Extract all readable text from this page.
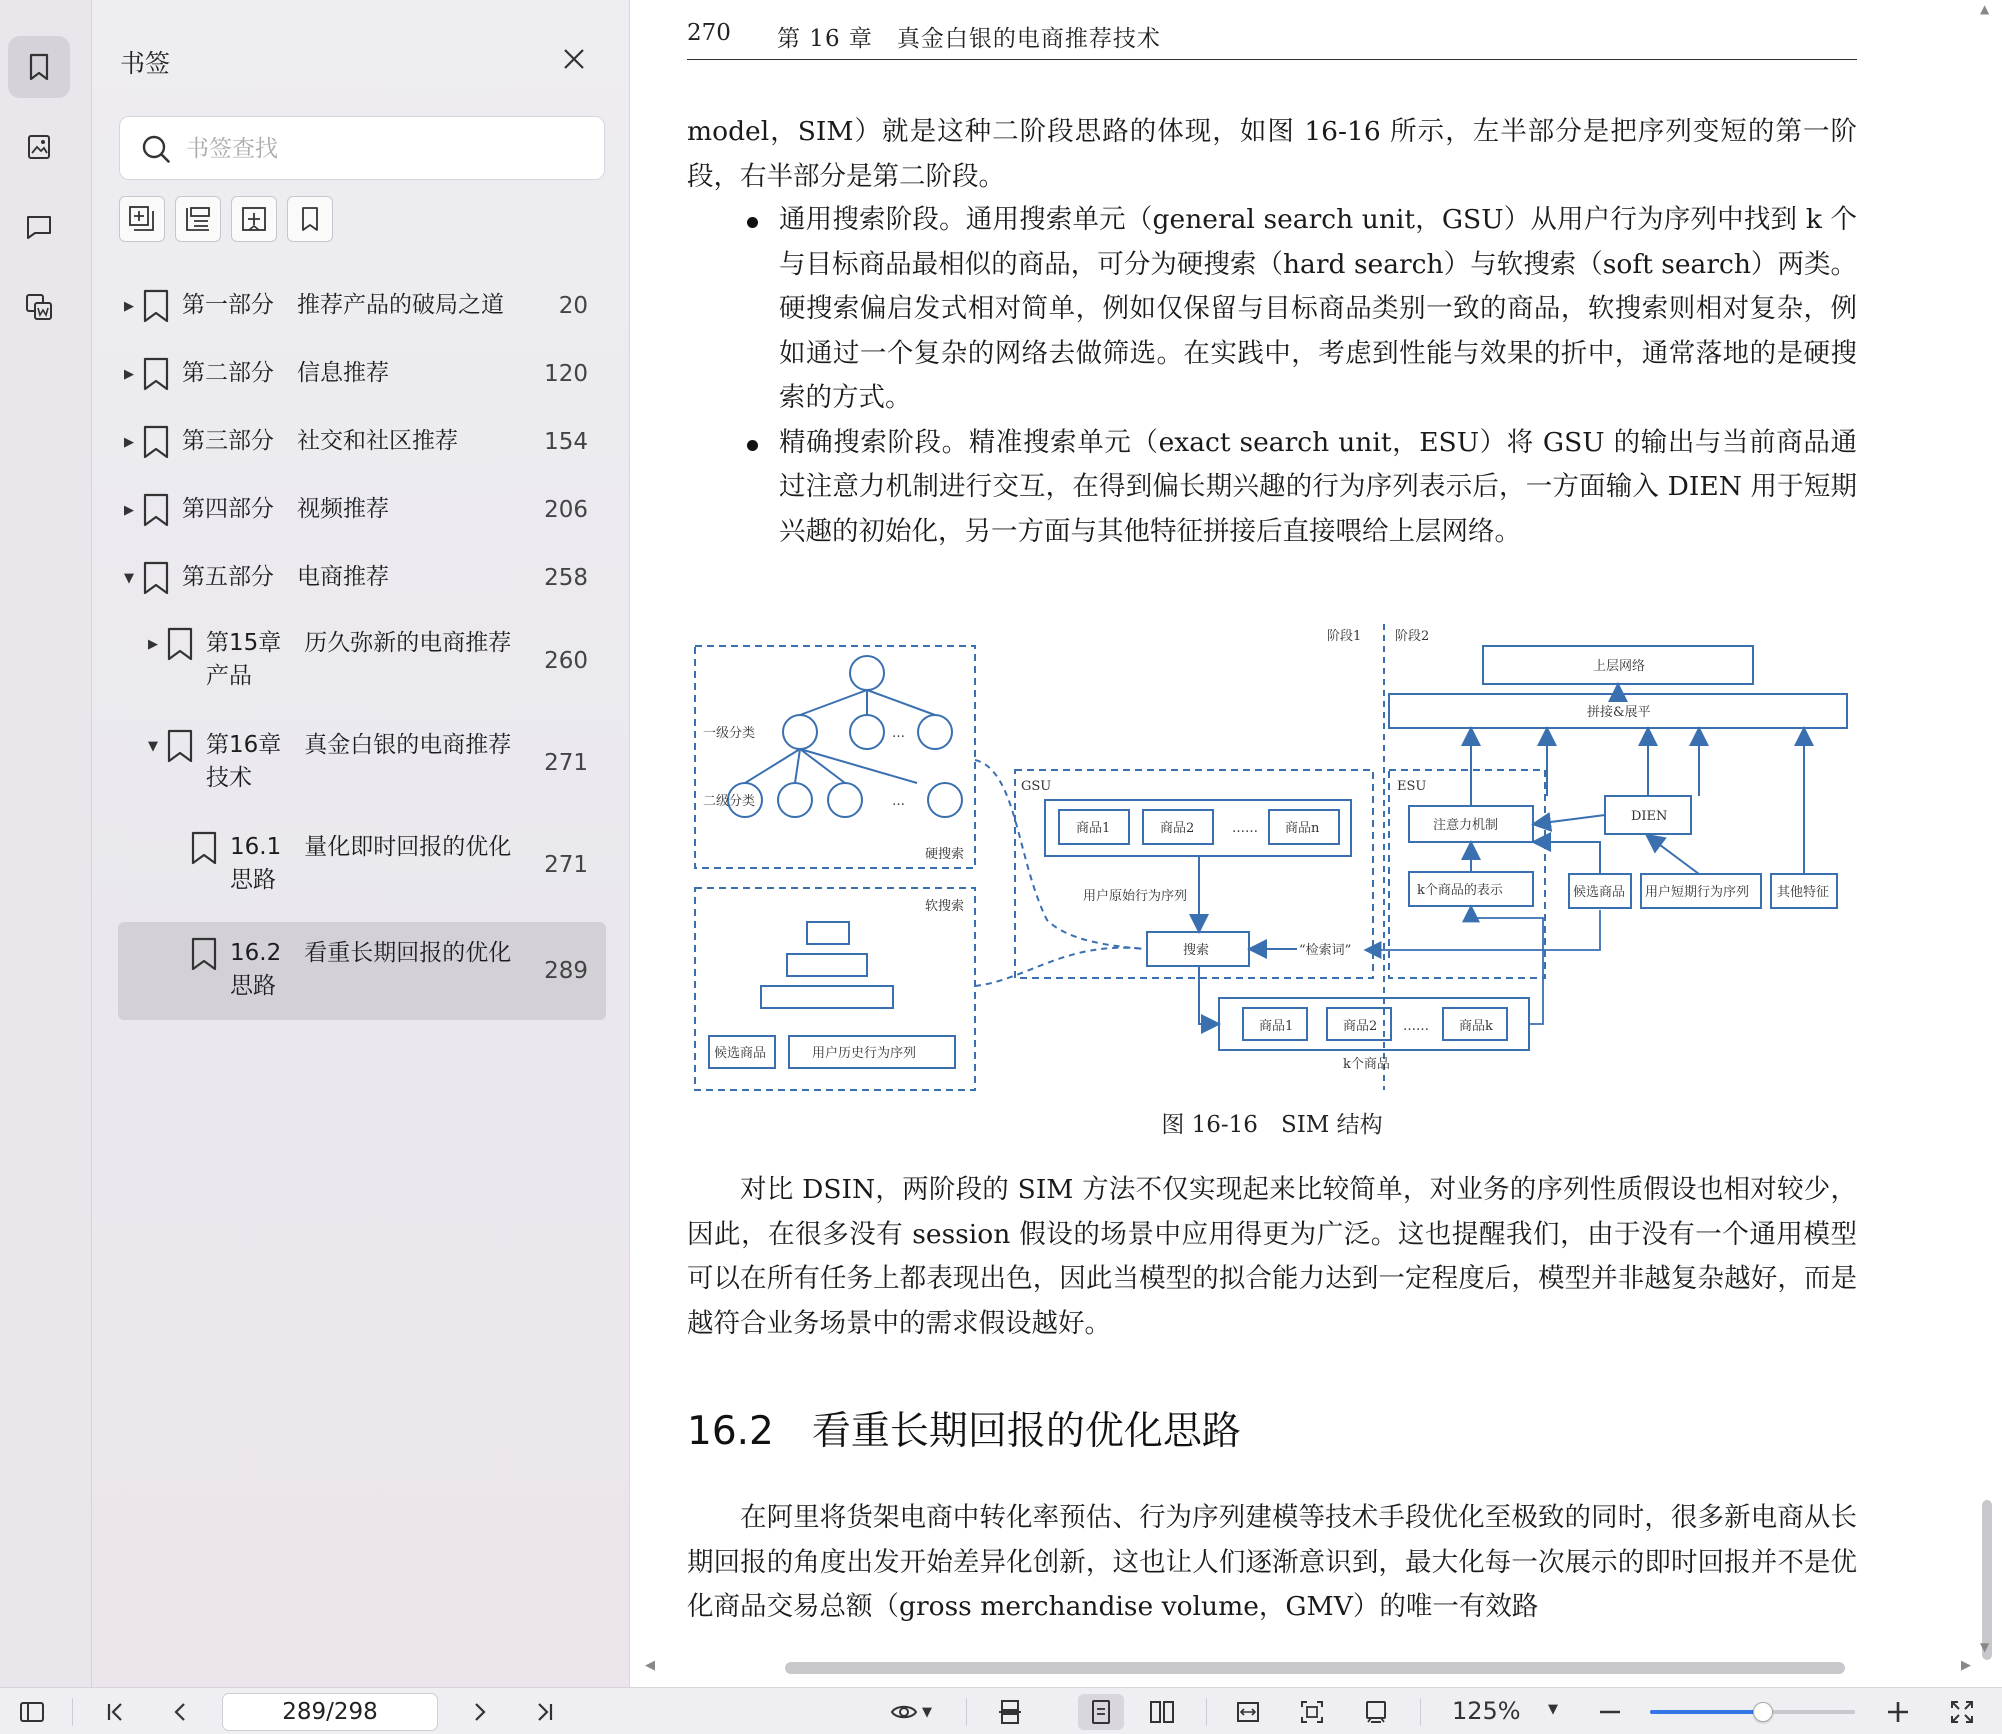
书签
书签查找
▶ 第一部分　推荐产品的破局之道 20
▶ 第二部分　信息推荐	120
▶ 第三部分　社交和社区推荐	154
▶ 第四部分　视频推荐	206
▼ 第五部分　电商推荐	258
▶ 第15章　历久弥新的电商推荐
产品
260
▼ 第16章　真金白银的电商推荐
技术
271
16.1　量化即时回报的优化
思路
271
16.2　看重长期回报的优化
思路
289
270 第 16 章　真金白银的电商推荐技术
model，SIM）就是这种二阶段思路的体现，如图 16-16 所示，左半部分是把序列变短的第一阶段，右半部分是第二阶段。
通用搜索阶段。通用搜索单元（general search unit，GSU）从用户行为序列中找到 k 个与目标商品最相似的商品，可分为硬搜索（hard search）与软搜索（soft search）两类。硬搜索偏启发式相对简单，例如仅保留与目标商品类别一致的商品，软搜索则相对复杂，例如通过一个复杂的网络去做筛选。在实践中，考虑到性能与效果的折中，通常落地的是硬搜索的方式。
精确搜索阶段。精准搜索单元（exact search unit，ESU）将 GSU 的输出与当前商品通过注意力机制进行交互，在得到偏长期兴趣的行为序列表示后，一方面输入 DIEN 用于短期兴趣的初始化，另一方面与其他特征拼接后直接喂给上层网络。
阶段1	阶段2
一级分类
二级分类
…
…
硬搜索
软搜索
候选商品	用户历史行为序列
GSU
商品1	商品2	…… 商品n
用户原始行为序列
搜索	“检索词”
商品1	商品2 …… 商品k
k个商品
ESU
注意力机制
k个商品的表示
DIEN
上层网络
拼接&展平
候选商品 用户短期行为序列 其他特征
图 16-16　SIM 结构
对比 DSIN，两阶段的 SIM 方法不仅实现起来比较简单，对业务的序列性质假设也相对较少，因此，在很多没有 session 假设的场景中应用得更为广泛。这也提醒我们，由于没有一个通用模型可以在所有任务上都表现出色，因此当模型的拟合能力达到一定程度后，模型并非越复杂越好，而是越符合业务场景中的需求假设越好。
16.2 看重长期回报的优化思路
在阿里将货架电商中转化率预估、行为序列建模等技术手段优化至极致的同时，很多新电商从长期回报的角度出发开始差异化创新，这也让人们逐渐意识到，最大化每一次展示的即时回报并不是优化商品交易总额（gross merchandise volume，GMV）的唯一有效路
▲
▼
◀	▶
289/298
▼	125% ▼
